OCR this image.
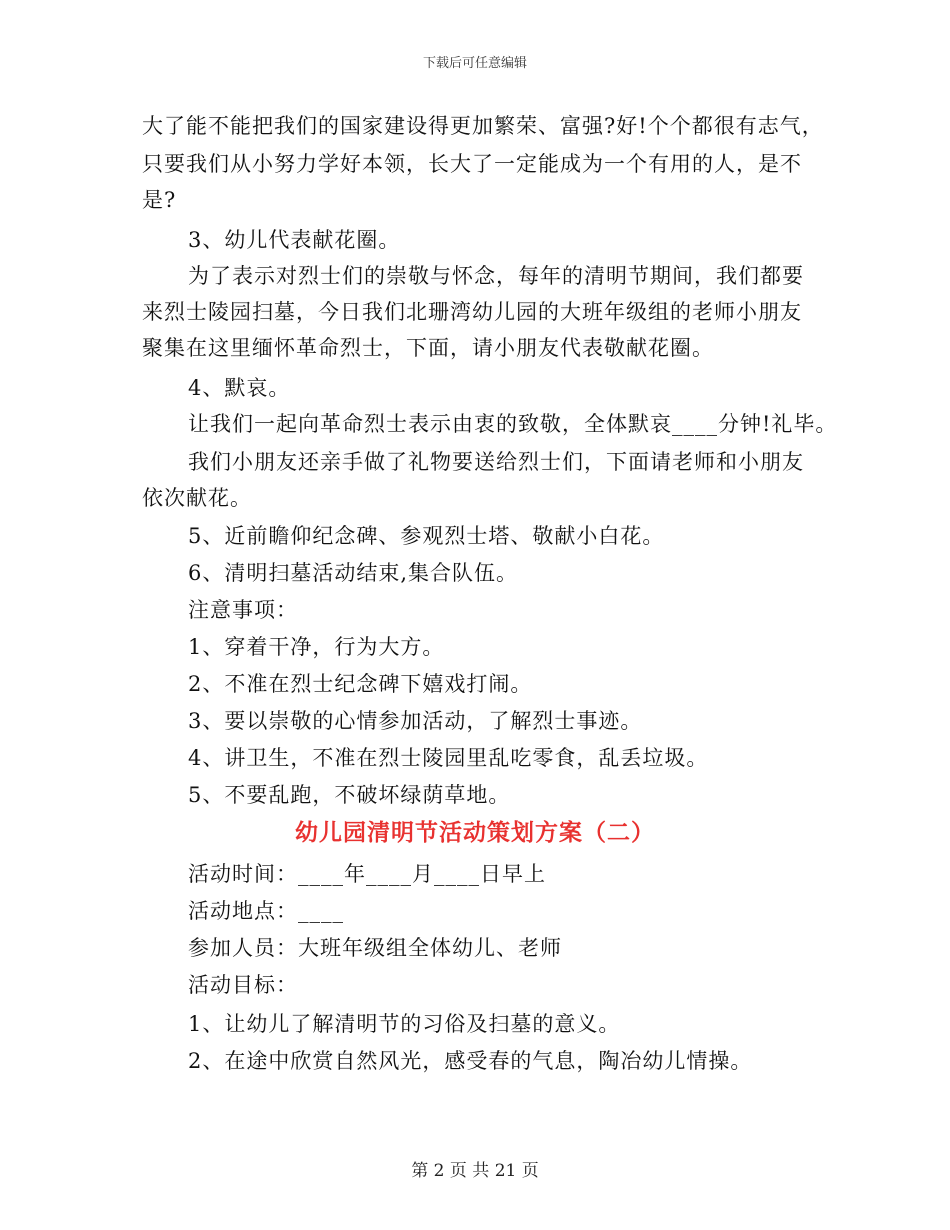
下载后可任意编辑
大了能不能把我们的国家建设得更加繁荣、富强?好!个个都很有志气，
只要我们从小努力学好本领，长大了一定能成为一个有用的人，是不
是?
3、幼儿代表献花圈。
为了表示对烈士们的崇敬与怀念，每年的清明节期间，我们都要
来烈士陵园扫墓，今日我们北珊湾幼儿园的大班年级组的老师小朋友
聚集在这里缅怀革命烈士，下面，请小朋友代表敬献花圈。
4、默哀。
让我们一起向革命烈士表示由衷的致敬，全体默哀____分钟!礼毕。
我们小朋友还亲手做了礼物要送给烈士们，下面请老师和小朋友
依次献花。
5、近前瞻仰纪念碑、参观烈士塔、敬献小白花。
6、清明扫墓活动结束,集合队伍。
注意事项：
1、穿着干净，行为大方。
2、不准在烈士纪念碑下嬉戏打闹。
3、要以崇敬的心情参加活动，了解烈士事迹。
4、讲卫生，不准在烈士陵园里乱吃零食，乱丢垃圾。
5、不要乱跑，不破坏绿荫草地。
幼儿园清明节活动策划方案（二）
活动时间：____年____月____日早上
活动地点：____
参加人员：大班年级组全体幼儿、老师
活动目标：
1、让幼儿了解清明节的习俗及扫墓的意义。
2、在途中欣赏自然风光，感受春的气息，陶冶幼儿情操。
第 2 页 共 21 页
